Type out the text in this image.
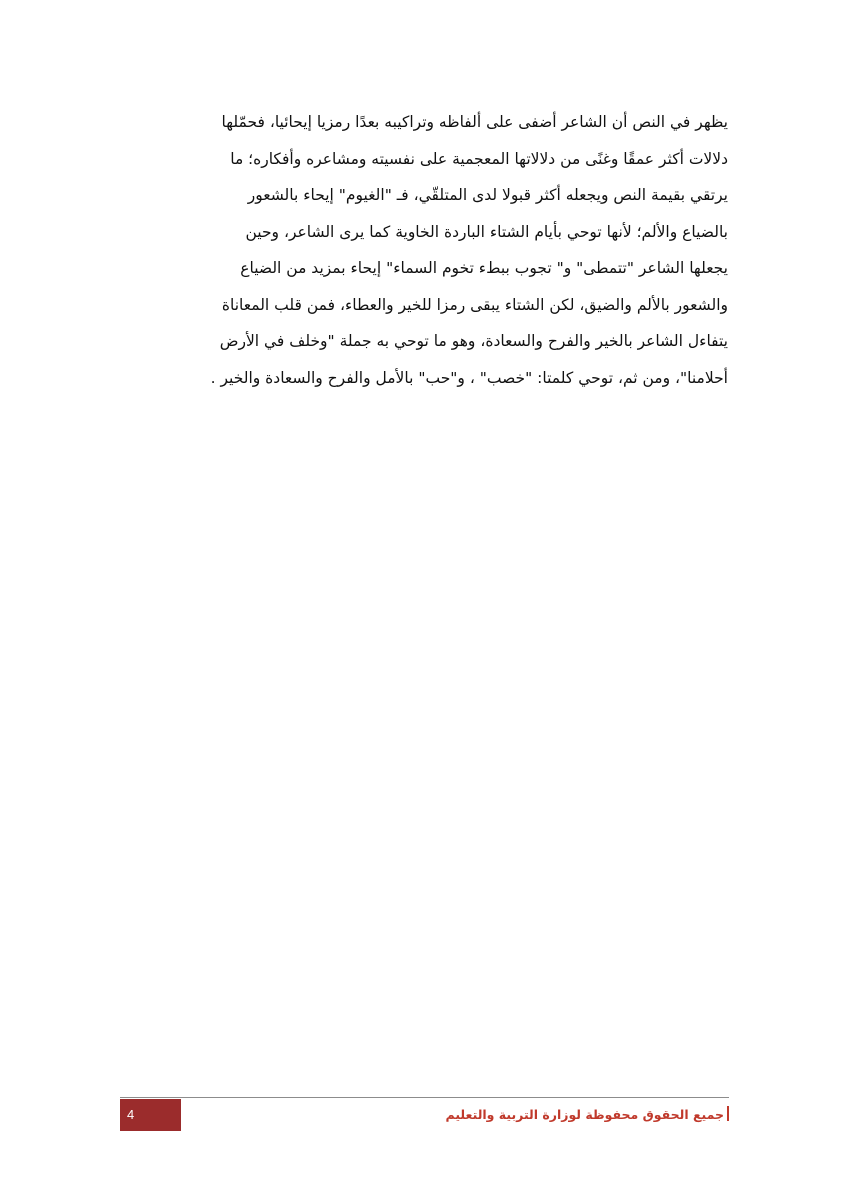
يظهر في النص أن الشاعر أضفى على ألفاظه وتراكيبه بعدًا رمزيا إيحائيا، فحمّلها
دلالات أكثر عمقًا وغنًى من دلالاتها المعجمية على نفسيته ومشاعره وأفكاره؛ ما
يرتقي بقيمة النص ويجعله أكثر قبولا لدى المتلقّي، فـ "الغيوم" إيحاء بالشعور
بالضياع والألم؛ لأنها توحي بأيام الشتاء الباردة الخاوية كما يرى الشاعر، وحين
يجعلها الشاعر "تتمطى" و" تجوب ببطء تخوم السماء" إيحاء بمزيد من الضياع
والشعور بالألم والضيق، لكن الشتاء يبقى رمزا للخير والعطاء، فمن قلب المعاناة
يتفاءل الشاعر بالخير والفرح والسعادة، وهو ما توحي به جملة "وخلف في الأرض
أحلامنا"، ومن ثم، توحي كلمتا: "خصب" ، و"حب" بالأمل والفرح والسعادة والخير .
4	جميع الحقوق محفوظة لوزارة التربية والتعليم
